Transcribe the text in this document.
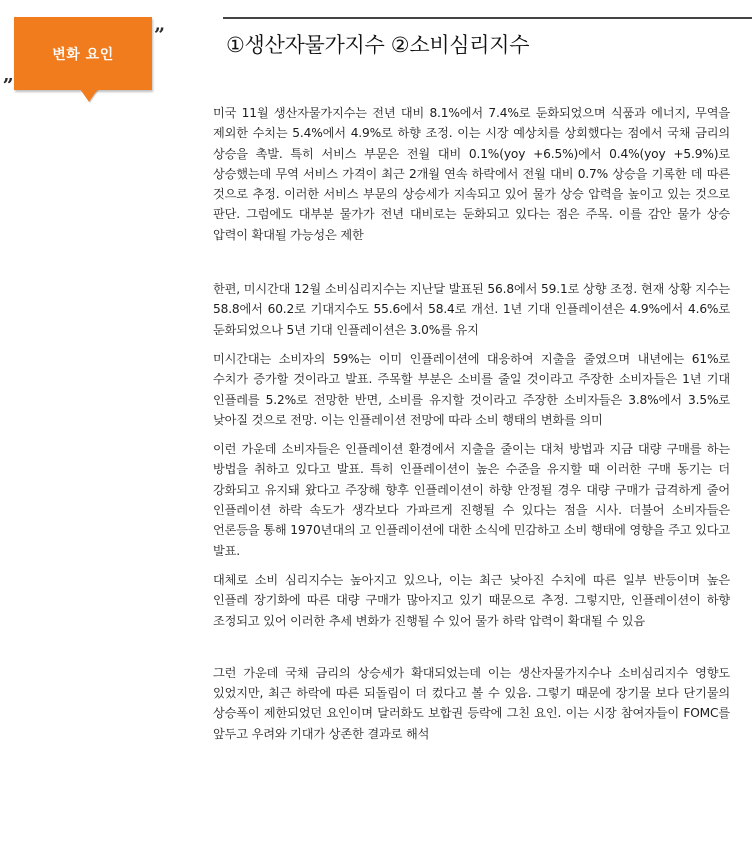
변화 요인
”
„
①생산자물가지수 ②소비심리지수

미국 11월 생산자물가지수는 전년 대비 8.1%에서 7.4%로 둔화되었으며 식품과 에너지, 무역을 제외한 수치는 5.4%에서 4.9%로 하향 조정. 이는 시장 예상치를 상회했다는 점에서 국채 금리의 상승을 촉발. 특히 서비스 부문은 전월 대비 0.1%(yoy +6.5%)에서 0.4%(yoy +5.9%)로 상승했는데 무역 서비스 가격이 최근 2개월 연속 하락에서 전월 대비 0.7% 상승을 기록한 데 따른 것으로 추정. 이러한 서비스 부문의 상승세가 지속되고 있어 물가 상승 압력을 높이고 있는 것으로 판단. 그럼에도 대부분 물가가 전년 대비로는 둔화되고 있다는 점은 주목. 이를 감안 물가 상승 압력이 확대될 가능성은 제한

한편, 미시간대 12월 소비심리지수는 지난달 발표된 56.8에서 59.1로 상향 조정. 현재 상황 지수는 58.8에서 60.2로 기대지수도 55.6에서 58.4로 개선. 1년 기대 인플레이션은 4.9%에서 4.6%로 둔화되었으나 5년 기대 인플레이션은 3.0%를 유지

미시간대는 소비자의 59%는 이미 인플레이션에 대응하여 지출을 줄였으며 내년에는 61%로 수치가 증가할 것이라고 발표. 주목할 부분은 소비를 줄일 것이라고 주장한 소비자들은 1년 기대 인플레를 5.2%로 전망한 반면, 소비를 유지할 것이라고 주장한 소비자들은 3.8%에서 3.5%로 낮아질 것으로 전망. 이는 인플레이션 전망에 따라 소비 행태의 변화를 의미

이런 가운데 소비자들은 인플레이션 환경에서 지출을 줄이는 대처 방법과 지금 대량 구매를 하는 방법을 취하고 있다고 발표. 특히 인플레이션이 높은 수준을 유지할 때 이러한 구매 동기는 더 강화되고 유지돼 왔다고 주장해 향후 인플레이션이 하향 안정될 경우 대량 구매가 급격하게 줄어 인플레이션 하락 속도가 생각보다 가파르게 진행될 수 있다는 점을 시사. 더불어 소비자들은 언론등을 통해 1970년대의 고 인플레이션에 대한 소식에 민감하고 소비 행태에 영향을 주고 있다고 발표.

대체로 소비 심리지수는 높아지고 있으나, 이는 최근 낮아진 수치에 따른 일부 반등이며 높은 인플레 장기화에 따른 대량 구매가 많아지고 있기 때문으로 추정. 그렇지만, 인플레이션이 하향 조정되고 있어 이러한 추세 변화가 진행될 수 있어 물가 하락 압력이 확대될 수 있음

그런 가운데 국채 금리의 상승세가 확대되었는데 이는 생산자물가지수나 소비심리지수 영향도 있었지만, 최근 하락에 따른 되돌림이 더 컸다고 볼 수 있음. 그렇기 때문에 장기물 보다 단기물의 상승폭이 제한되었던 요인이며 달러화도 보합권 등락에 그친 요인. 이는 시장 참여자들이 FOMC를 앞두고 우려와 기대가 상존한 결과로 해석
